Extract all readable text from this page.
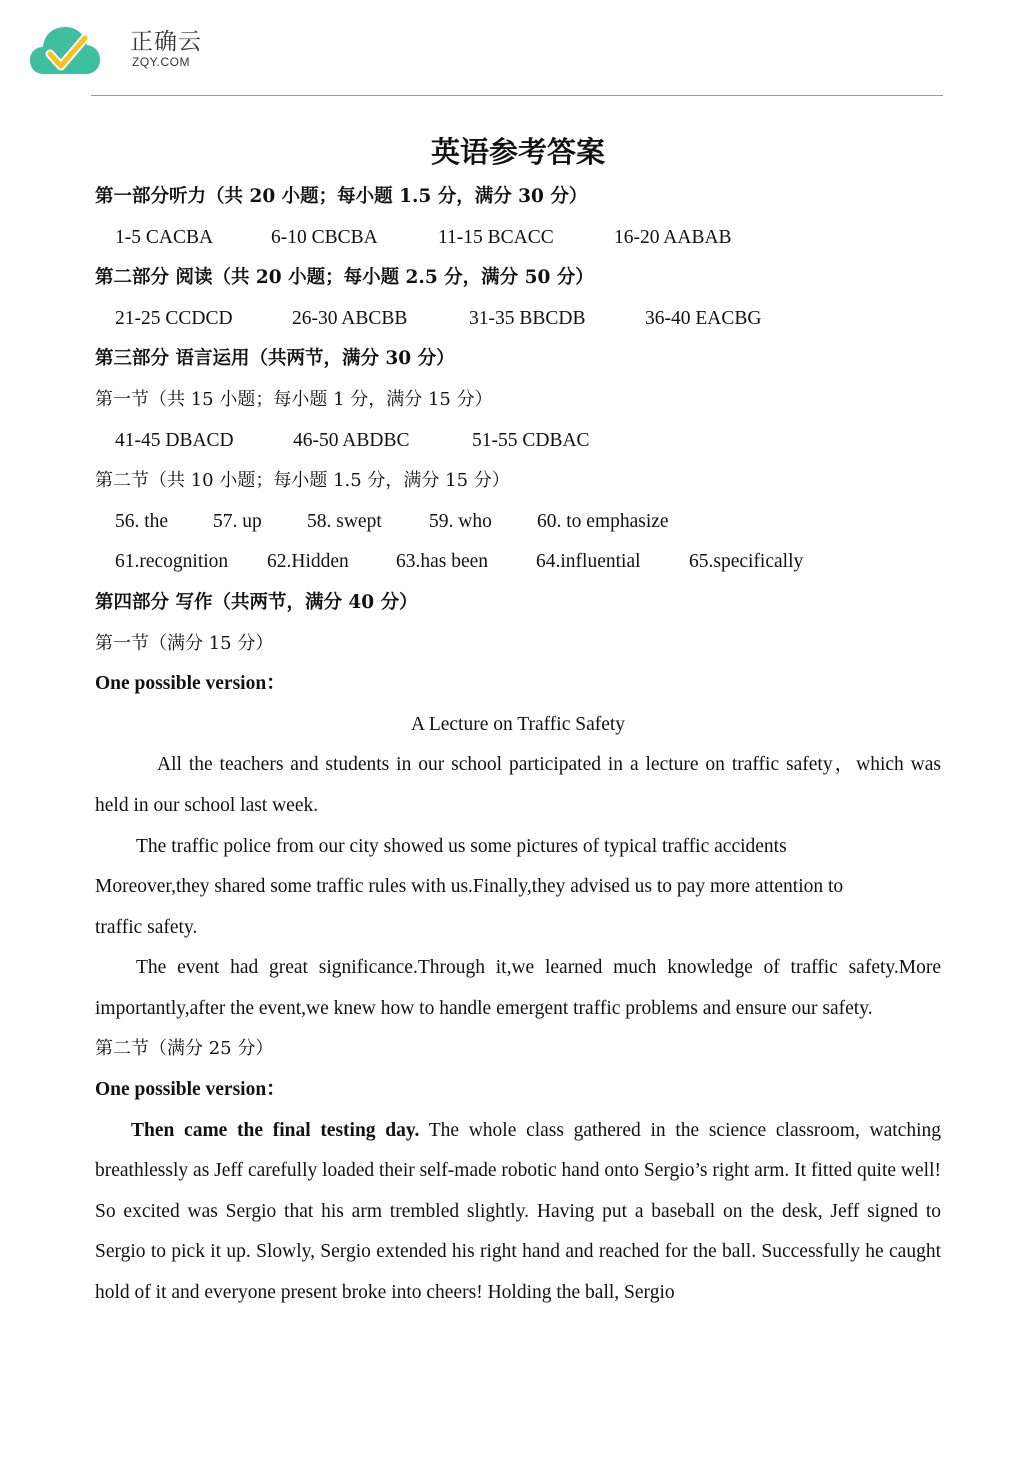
正确云
ZQY.COM
英语参考答案
第一部分听力（共 20 小题；每小题 1.5 分，满分 30 分）
1-5 CACBA	6-10 CBCBA	11-15 BCACC	16-20 AABAB
第二部分 阅读（共 20 小题；每小题 2.5 分，满分 50 分）
21-25 CCDCD	26-30 ABCBB	31-35 BBCDB	36-40 EACBG
第三部分 语言运用（共两节，满分 30 分）
第一节（共 15 小题；每小题 1 分，满分 15 分）
41-45 DBACD	46-50 ABDBC	51-55 CDBAC
第二节（共 10 小题；每小题 1.5 分，满分 15 分）
56. the 57. up 58. swept 59. who 60. to emphasize
61.recognition 62.Hidden 63.has been 64.influential 65.specifically
第四部分 写作（共两节，满分 40 分）
第一节（满分 15 分）
One possible version：
A Lecture on Traffic Safety

All the teachers and students in our school participated in a lecture on traffic safety，which was held in our school last week.

The traffic police from our city showed us some pictures of typical traffic accidents
Moreover,they shared some traffic rules with us.Finally,they advised us to pay more attention to
traffic safety.

The event had great significance.Through it,we learned much knowledge of traffic safety.More importantly,after the event,we knew how to handle emergent traffic problems and ensure our safety.

第二节（满分 25 分）
One possible version：

Then came the final testing day. The whole class gathered in the science classroom, watching breathlessly as Jeff carefully loaded their self-made robotic hand onto Sergio’s right arm. It fitted quite well! So excited was Sergio that his arm trembled slightly. Having put a baseball on the desk, Jeff signed to Sergio to pick it up. Slowly, Sergio extended his right hand and reached for the ball. Successfully he caught hold of it and everyone present broke into cheers! Holding the ball, Sergio
